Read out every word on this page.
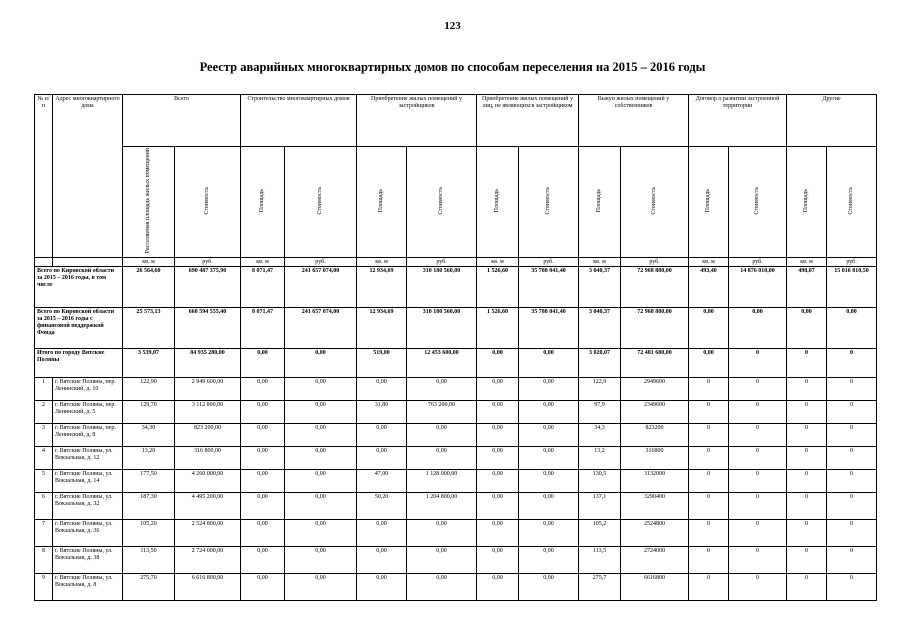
123
Реестр аварийных многоквартирных домов по способам переселения на 2015 – 2016 годы
№ п/п	Адрес многоквартирного дома	Всего		Строительство многоквартирных домов		Приобретение жилых помещений у застройщиков		Приобретение жилых помещений у лиц, не являющихся застройщиком		Выкуп жилых помещений у собственников		Договор о развитии застроенной территории		Другие	
		Расселяемая площадь жилых помещений	Стоимость	Площадь	Стоимость	Площадь	Стоимость	Площадь	Стоимость	Площадь	Стоимость	Площадь	Стоимость	Площадь	Стоимость
		кв. м	руб.	кв. м	руб.	кв. м	руб.	кв. м	руб.	кв. м	руб.	кв. м	руб.	кв. м	руб.
Всего по Кировской области за 2015 – 2016 годы, в том числе		26 564,60	690 487 375,90	8 071,47	241 657 074,00	12 934,69	310 180 560,00	1 526,60	35 788 041,40	3 040,37	72 968 880,00	493,40	14 876 010,00	498,07	15 016 810,50
Всего по Кировской области за 2015 – 2016 годы с финансовой поддержкой Фонда		25 573,13	660 594 555,40	8 071,47	241 657 074,00	12 934,69	310 180 560,00	1 526,60	35 788 041,40	3 040,37	72 968 880,00	0,00	0,00	0,00	0,00
Итого по городу Вятские Поляны		3 539,07	84 935 280,00	0,00	0,00	519,00	12 453 600,00	0,00	0,00	3 020,07	72 481 680,00	0,00	0	0	0
1	г. Вятские Поляны, пер. Ленинский, д. 10	122,90	2 949 600,00	0,00	0,00	0,00	0,00	0,00	0,00	122,9	2949600	0	0	0	0
2	г. Вятские Поляны, пер. Ленинский, д. 5	129,70	3 112 800,00	0,00	0,00	31,80	763 200,00	0,00	0,00	97,9	2349600	0	0	0	0
3	г. Вятские Поляны, пер. Ленинский, д. 8	34,30	823 200,00	0,00	0,00	0,00	0,00	0,00	0,00	34,3	823200	0	0	0	0
4	г. Вятские Поляны, ул. Вокзальная, д. 12	13,20	316 800,00	0,00	0,00	0,00	0,00	0,00	0,00	13,2	316800	0	0	0	0
5	г. Вятские Поляны, ул. Вокзальная, д. 14	177,50	4 260 000,00	0,00	0,00	47,00	1 128 000,00	0,00	0,00	130,5	3132000	0	0	0	0
6	г. Вятские Поляны, ул. Вокзальная, д. 32	187,30	4 495 200,00	0,00	0,00	50,20	1 204 800,00	0,00	0,00	137,1	3290400	0	0	0	0
7	г. Вятские Поляны, ул. Вокзальная, д. 36	105,20	2 524 800,00	0,00	0,00	0,00	0,00	0,00	0,00	105,2	2524800	0	0	0	0
8	г. Вятские Поляны, ул. Вокзальная, д. 38	113,50	2 724 000,00	0,00	0,00	0,00	0,00	0,00	0,00	113,5	2724000	0	0	0	0
9	г. Вятские Поляны, ул. Вокзальная, д. 8	275,70	6 616 800,00	0,00	0,00	0,00	0,00	0,00	0,00	275,7	6616800	0	0	0	0
